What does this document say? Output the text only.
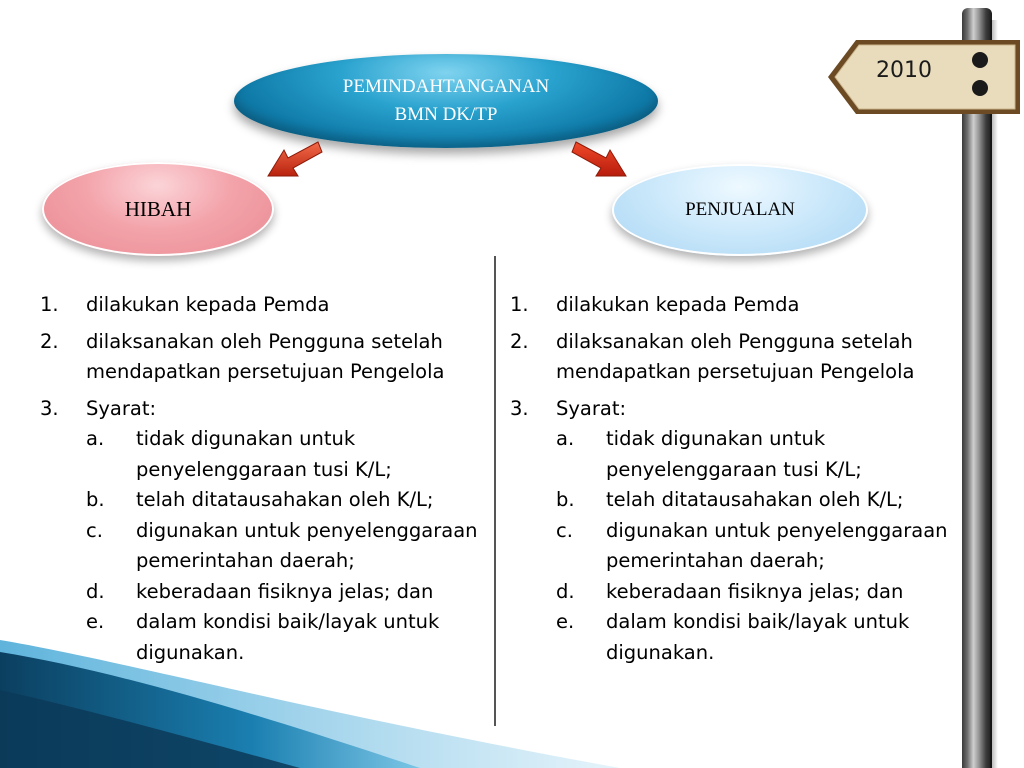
2010
PEMINDAHTANGANAN
BMN DK/TP
HIBAH	PENJUALAN
1.	dilakukan kepada Pemda
2.	dilaksanakan oleh Pengguna setelah mendapatkan persetujuan Pengelola
3.	Syarat:
a.	tidak digunakan untuk penyelenggaraan tusi K/L;
b.	telah ditatausahakan oleh K/L;
c.	digunakan untuk penyelenggaraan pemerintahan daerah;
d.	keberadaan fisiknya jelas; dan
e.	dalam kondisi baik/layak untuk digunakan.
1.	dilakukan kepada Pemda
2.	dilaksanakan oleh Pengguna setelah mendapatkan persetujuan Pengelola
3.	Syarat:
a.	tidak digunakan untuk penyelenggaraan tusi K/L;
b.	telah ditatausahakan oleh K/L;
c.	digunakan untuk penyelenggaraan pemerintahan daerah;
d.	keberadaan fisiknya jelas; dan
e.	dalam kondisi baik/layak untuk digunakan.
